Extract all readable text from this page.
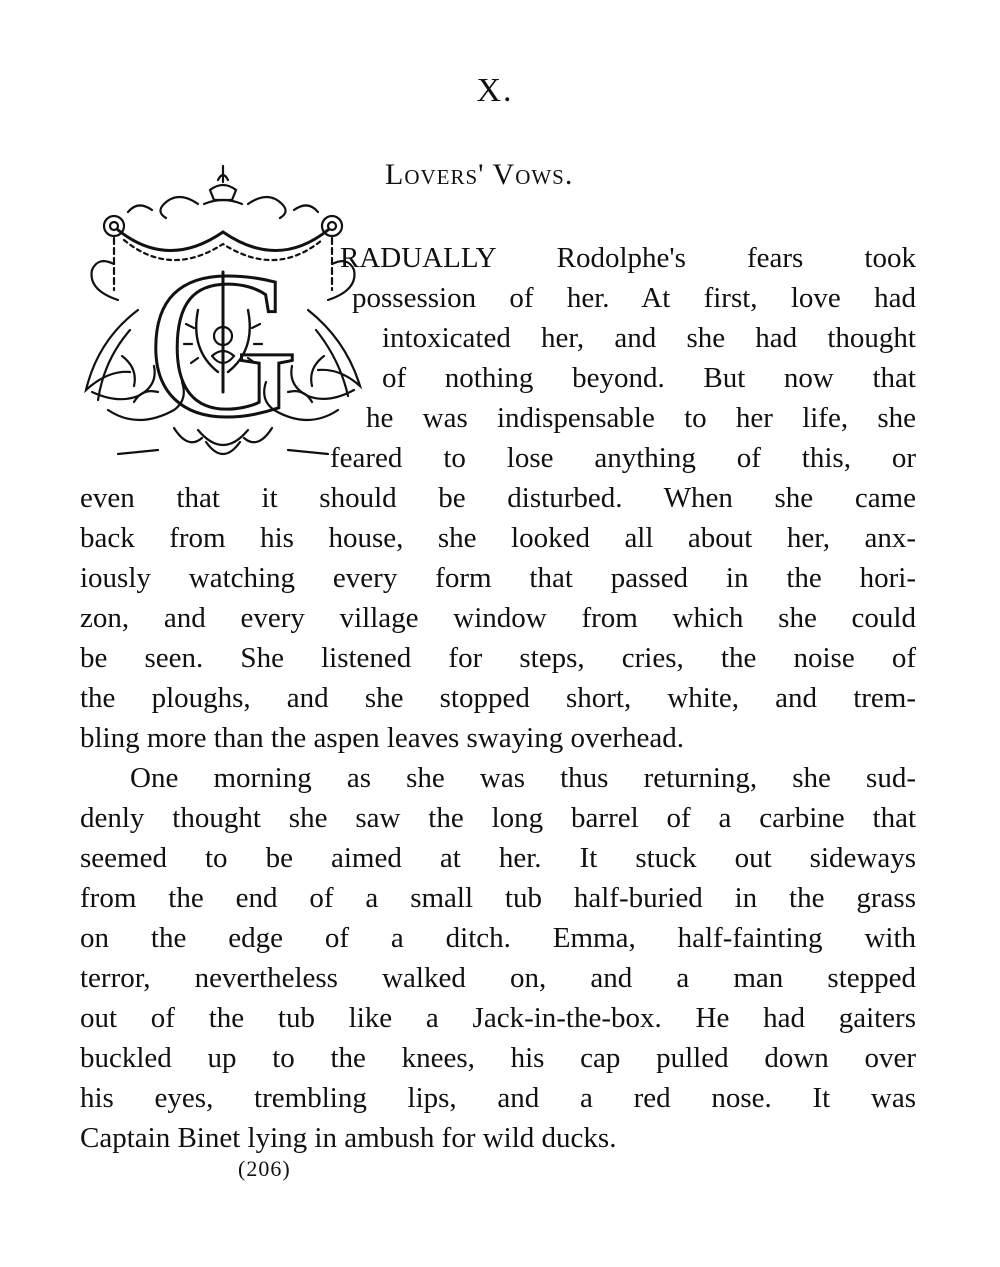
X.
Lovers' Vows.
G RADUALLY Rodolphe's fears took
possession of her. At first, love had
intoxicated her, and she had thought
of nothing beyond. But now that
he was indispensable to her life, she
feared to lose anything of this, or
even that it should be disturbed. When she came
back from his house, she looked all about her, anx-
iously watching every form that passed in the hori-
zon, and every village window from which she could
be seen. She listened for steps, cries, the noise of
the ploughs, and she stopped short, white, and trem-
bling more than the aspen leaves swaying overhead.
One morning as she was thus returning, she sud-
denly thought she saw the long barrel of a carbine that
seemed to be aimed at her. It stuck out sideways
from the end of a small tub half-buried in the grass
on the edge of a ditch. Emma, half-fainting with
terror, nevertheless walked on, and a man stepped
out of the tub like a Jack-in-the-box. He had gaiters
buckled up to the knees, his cap pulled down over
his eyes, trembling lips, and a red nose. It was
Captain Binet lying in ambush for wild ducks.
(206)
